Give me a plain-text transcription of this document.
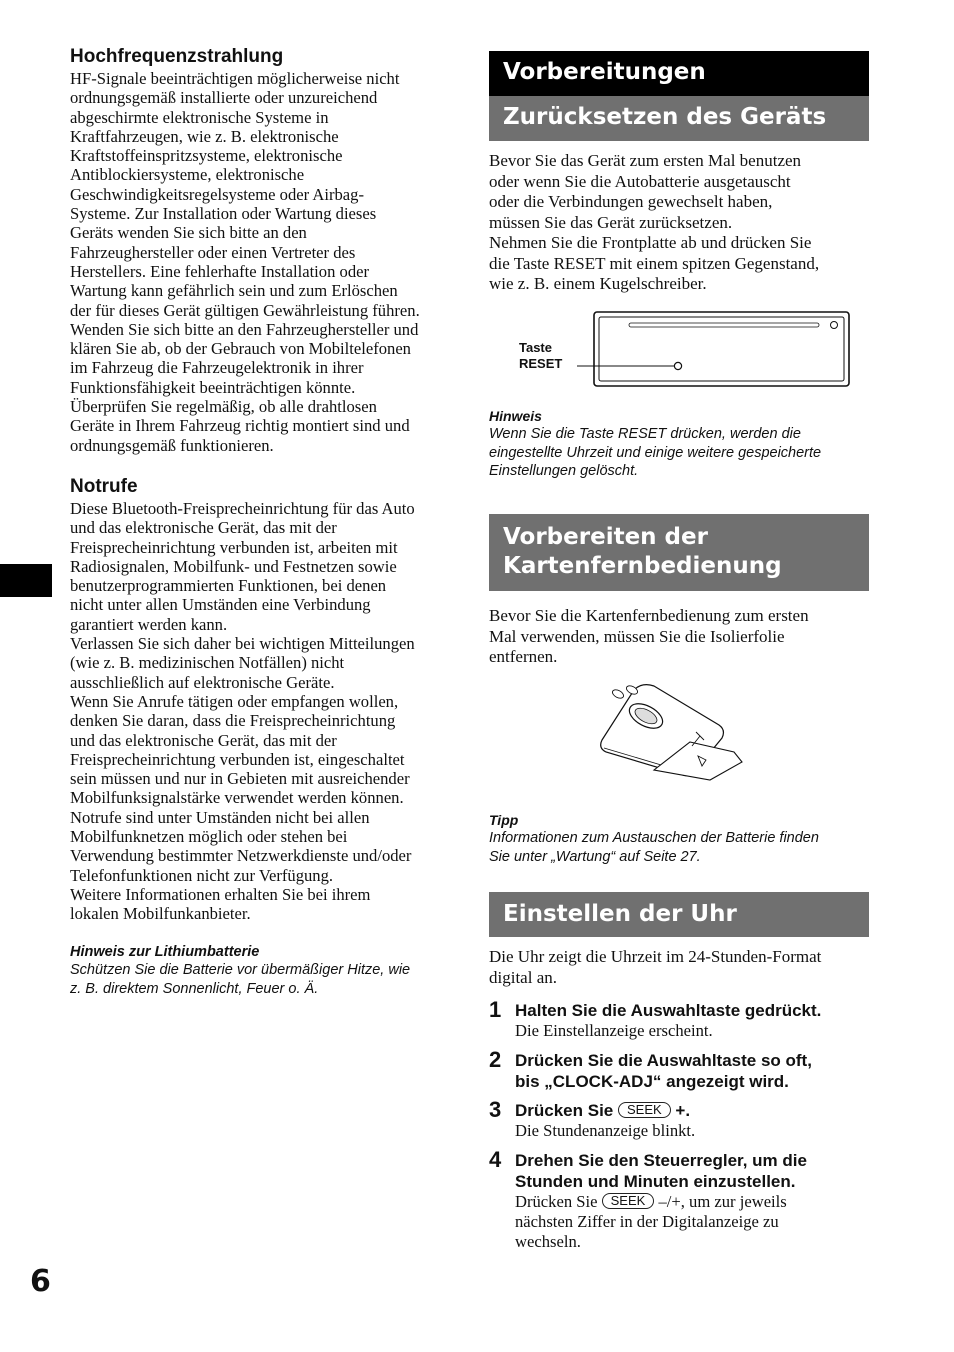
Hochfrequenzstrahlung

HF-Signale beeinträchtigen möglicherweise nicht

ordnungsgemäß installierte oder unzureichend

abgeschirmte elektronische Systeme in

Kraftfahrzeugen, wie z. B. elektronische

Kraftstoffeinspritzsysteme, elektronische

Antiblockiersysteme, elektronische

Geschwindigkeitsregelsysteme oder Airbag-

Systeme. Zur Installation oder Wartung dieses

Geräts wenden Sie sich bitte an den

Fahrzeughersteller oder einen Vertreter des

Herstellers. Eine fehlerhafte Installation oder

Wartung kann gefährlich sein und zum Erlöschen

der für dieses Gerät gültigen Gewährleistung führen.

Wenden Sie sich bitte an den Fahrzeughersteller und

klären Sie ab, ob der Gebrauch von Mobiltelefonen

im Fahrzeug die Fahrzeugelektronik in ihrer

Funktionsfähigkeit beeinträchtigen könnte.

Überprüfen Sie regelmäßig, ob alle drahtlosen

Geräte in Ihrem Fahrzeug richtig montiert sind und

ordnungsgemäß funktionieren.

Notrufe

Diese Bluetooth-Freisprecheinrichtung für das Auto

und das elektronische Gerät, das mit der

Freisprecheinrichtung verbunden ist, arbeiten mit

Radiosignalen, Mobilfunk- und Festnetzen sowie

benutzerprogrammierten Funktionen, bei denen

nicht unter allen Umständen eine Verbindung

garantiert werden kann.

Verlassen Sie sich daher bei wichtigen Mitteilungen

(wie z. B. medizinischen Notfällen) nicht

ausschließlich auf elektronische Geräte.

Wenn Sie Anrufe tätigen oder empfangen wollen,

denken Sie daran, dass die Freisprecheinrichtung

und das elektronische Gerät, das mit der

Freisprecheinrichtung verbunden ist, eingeschaltet

sein müssen und nur in Gebieten mit ausreichender

Mobilfunksignalstärke verwendet werden können.

Notrufe sind unter Umständen nicht bei allen

Mobilfunknetzen möglich oder stehen bei

Verwendung bestimmter Netzwerkdienste und/oder

Telefonfunktionen nicht zur Verfügung.

Weitere Informationen erhalten Sie bei ihrem

lokalen Mobilfunkanbieter.

Hinweis zur Lithiumbatterie
Schützen Sie die Batterie vor übermäßiger Hitze, wie
z. B. direktem Sonnenlicht, Feuer o. Ä.
Vorbereitungen
Zurücksetzen des Geräts

Bevor Sie das Gerät zum ersten Mal benutzen

oder wenn Sie die Autobatterie ausgetauscht

oder die Verbindungen gewechselt haben,

müssen Sie das Gerät zurücksetzen.

Nehmen Sie die Frontplatte ab und drücken Sie

die Taste RESET mit einem spitzen Gegenstand,

wie z. B. einem Kugelschreiber.

Taste
RESET
Hinweis
Wenn Sie die Taste RESET drücken, werden die
eingestellte Uhrzeit und einige weitere gespeicherte
Einstellungen gelöscht.
Vorbereiten der
Kartenfernbedienung

Bevor Sie die Kartenfernbedienung zum ersten

Mal verwenden, müssen Sie die Isolierfolie

entfernen.

Tipp
Informationen zum Austauschen der Batterie finden
Sie unter „Wartung“ auf Seite 27.
Einstellen der Uhr

Die Uhr zeigt die Uhrzeit im 24-Stunden-Format

digital an.

1 Halten Sie die Auswahltaste gedrückt.
Die Einstellanzeige erscheint.
2 Drücken Sie die Auswahltaste so oft,
bis „CLOCK-ADJ“ angezeigt wird.
3 Drücken Sie SEEK +.
Die Stundenanzeige blinkt.
4 Drehen Sie den Steuerregler, um die
Stunden und Minuten einzustellen.
Drücken Sie SEEK –/+, um zur jeweils
nächsten Ziffer in der Digitalanzeige zu
wechseln.
6
